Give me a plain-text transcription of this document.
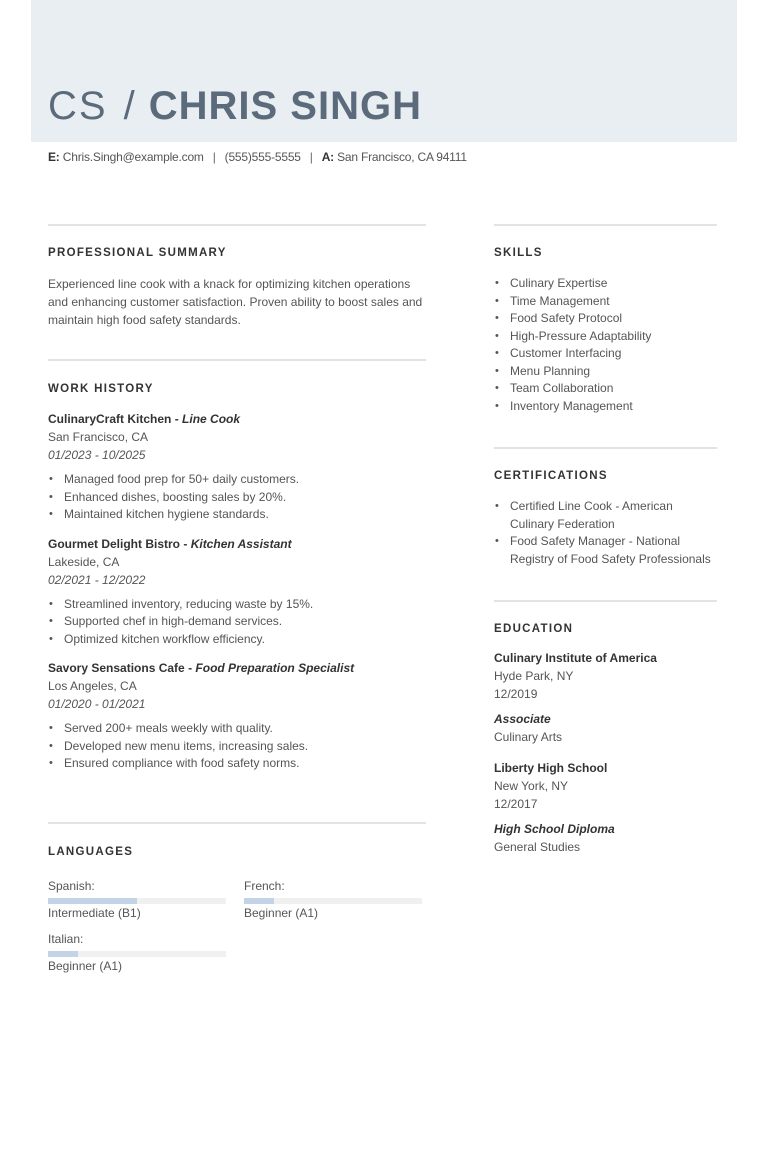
CS / CHRIS SINGH
E: Chris.Singh@example.com | (555)555-5555 | A: San Francisco, CA 94111
PROFESSIONAL SUMMARY
Experienced line cook with a knack for optimizing kitchen operations and enhancing customer satisfaction. Proven ability to boost sales and maintain high food safety standards.
WORK HISTORY
CulinaryCraft Kitchen - Line Cook
San Francisco, CA
01/2023 - 10/2025
• Managed food prep for 50+ daily customers.
• Enhanced dishes, boosting sales by 20%.
• Maintained kitchen hygiene standards.
Gourmet Delight Bistro - Kitchen Assistant
Lakeside, CA
02/2021 - 12/2022
• Streamlined inventory, reducing waste by 15%.
• Supported chef in high-demand services.
• Optimized kitchen workflow efficiency.
Savory Sensations Cafe - Food Preparation Specialist
Los Angeles, CA
01/2020 - 01/2021
• Served 200+ meals weekly with quality.
• Developed new menu items, increasing sales.
• Ensured compliance with food safety norms.
LANGUAGES
Spanish:
Intermediate (B1)
French:
Beginner (A1)
Italian:
Beginner (A1)
SKILLS
• Culinary Expertise
• Time Management
• Food Safety Protocol
• High-Pressure Adaptability
• Customer Interfacing
• Menu Planning
• Team Collaboration
• Inventory Management
CERTIFICATIONS
• Certified Line Cook - American Culinary Federation
• Food Safety Manager - National Registry of Food Safety Professionals
EDUCATION
Culinary Institute of America
Hyde Park, NY
12/2019
Associate
Culinary Arts
Liberty High School
New York, NY
12/2017
High School Diploma
General Studies
